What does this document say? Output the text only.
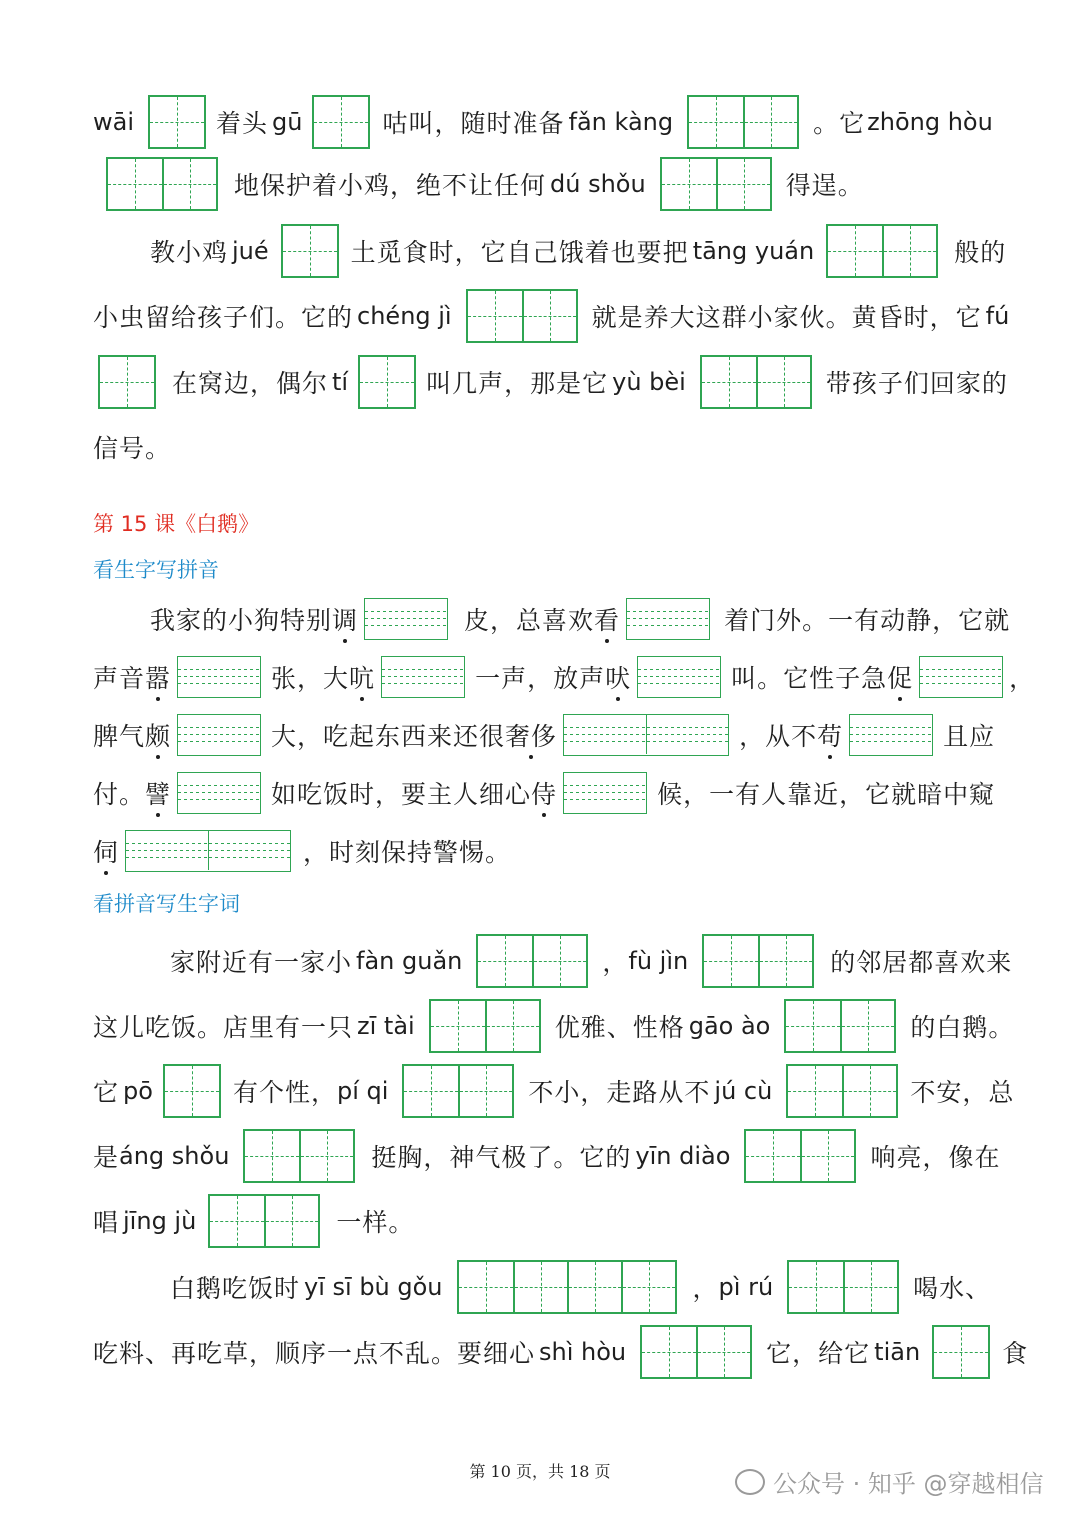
wāi	着头 gū	咕叫，随时准备 fǎn kàng	。它 zhōng hòu
地保护着小鸡，绝不让任何 dú shǒu	得逞。
教小鸡 jué	土觅食时，它自己饿着也要把 tāng yuán	般的
小虫留给孩子们。它的 chéng jì	就是养大这群小家伙。黄昏时，它 fú
在窝边，偶尔 tí	叫几声，那是它 yù bèi	带孩子们回家的
信号。
第 15 课《白鹅》
看生字写拼音
我家的小狗特别 调	皮，总喜欢 看	着门外。一有动静，它就
声音 嚣	张，大 吭	一声，放声 吠	叫。它性子急 促	，
脾气 颇	大，吃起东西来还很 奢侈	，从不 苟	且应
付。 譬	如吃饭时，要主人细心 侍	候，一有人靠近，它就暗中窥
伺	，时刻保持警惕。
看拼音写生字词
家附近有一家小 fàn guǎn	， fù jìn	的邻居都喜欢来
这儿吃饭。店里有一只 zī tài	优雅、性格 gāo ào	的白鹅。
它 pō	有个性， pí qi	不小，走路从不 jú cù	不安，总
是 áng shǒu	挺胸，神气极了。它的 yīn diào	响亮，像在
唱 jīng jù	一样。
白鹅吃饭时 yī sī bù gǒu	， pì rú	喝水、
吃料、再吃草，顺序一点不乱。要细心 shì hòu	它，给它 tiān	食
第 10 页，共 18 页	公众号 · 知乎 @穿越相信
